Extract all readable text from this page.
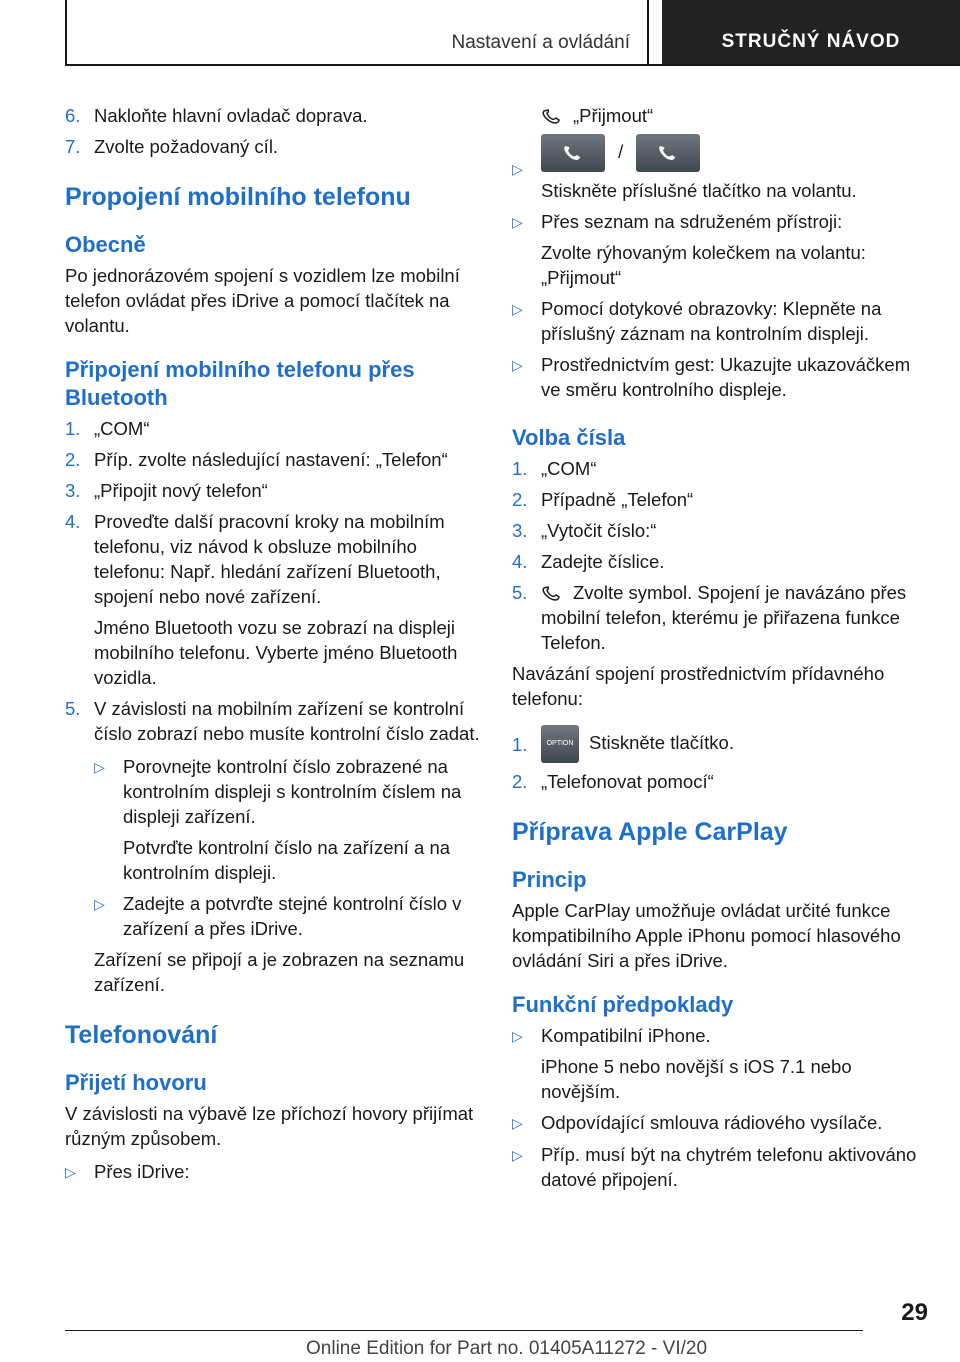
Nastavení a ovládání	STRUČNÝ NÁVOD
6. Nakloňte hlavní ovladač doprava.
7. Zvolte požadovaný cíl.
Propojení mobilního telefonu
Obecně

Po jednorázovém spojení s vozidlem lze mobilní telefon ovládat přes iDrive a pomocí tlačítek na volantu.

Připojení mobilního telefonu přes Bluetooth
1. „COM“
2. Příp. zvolte následující nastavení: „Telefon“
3. „Připojit nový telefon“
4. Proveďte další pracovní kroky na mobilním telefonu, viz návod k obsluze mobilního telefonu: Např. hledání zařízení Bluetooth, spojení nebo nové zařízení.

Jméno Bluetooth vozu se zobrazí na displeji mobilního telefonu. Vyberte jméno Bluetooth vozidla.

5. V závislosti na mobilním zařízení se kontrolní číslo zobrazí nebo musíte kontrolní číslo zadat.

▷ Porovnejte kontrolní číslo zobrazené na kontrolním displeji s kontrolním číslem na displeji zařízení.

Potvrďte kontrolní číslo na zařízení a na kontrolním displeji.

▷ Zadejte a potvrďte stejné kontrolní číslo v zařízení a přes iDrive.

Zařízení se připojí a je zobrazen na seznamu zařízení.

Telefonování
Přijetí hovoru

V závislosti na výbavě lze příchozí hovory přijímat různým způsobem.

▷ Přes iDrive:
„Přijmout“
▷
/

Stiskněte příslušné tlačítko na volantu.

▷ Přes seznam na sdruženém přístroji:

Zvolte rýhovaným kolečkem na volantu: „Přijmout“

▷ Pomocí dotykové obrazovky: Klepněte na příslušný záznam na kontrolním displeji.
▷ Prostřednictvím gest: Ukazujte ukazováčkem ve směru kontrolního displeje.
Volba čísla
1. „COM“
2. Případně „Telefon“
3. „Vytočit číslo:“
4. Zadejte číslice.
5.	Zvolte symbol. Spojení je navázáno přes mobilní telefon, kterému je přiřazena funkce Telefon.

Navázání spojení prostřednictvím přídavného telefonu:

1.	OPTION Stiskněte tlačítko.
2. „Telefonovat pomocí“
Příprava Apple CarPlay
Princip

Apple CarPlay umožňuje ovládat určité funkce kompatibilního Apple iPhonu pomocí hlasového ovládání Siri a přes iDrive.

Funkční předpoklady
▷ Kompatibilní iPhone.

iPhone 5 nebo novější s iOS 7.1 nebo novějším.

▷ Odpovídající smlouva rádiového vysílače.
▷ Příp. musí být na chytrém telefonu aktivováno datové připojení.
29
Online Edition for Part no. 01405A11272 - VI/20
